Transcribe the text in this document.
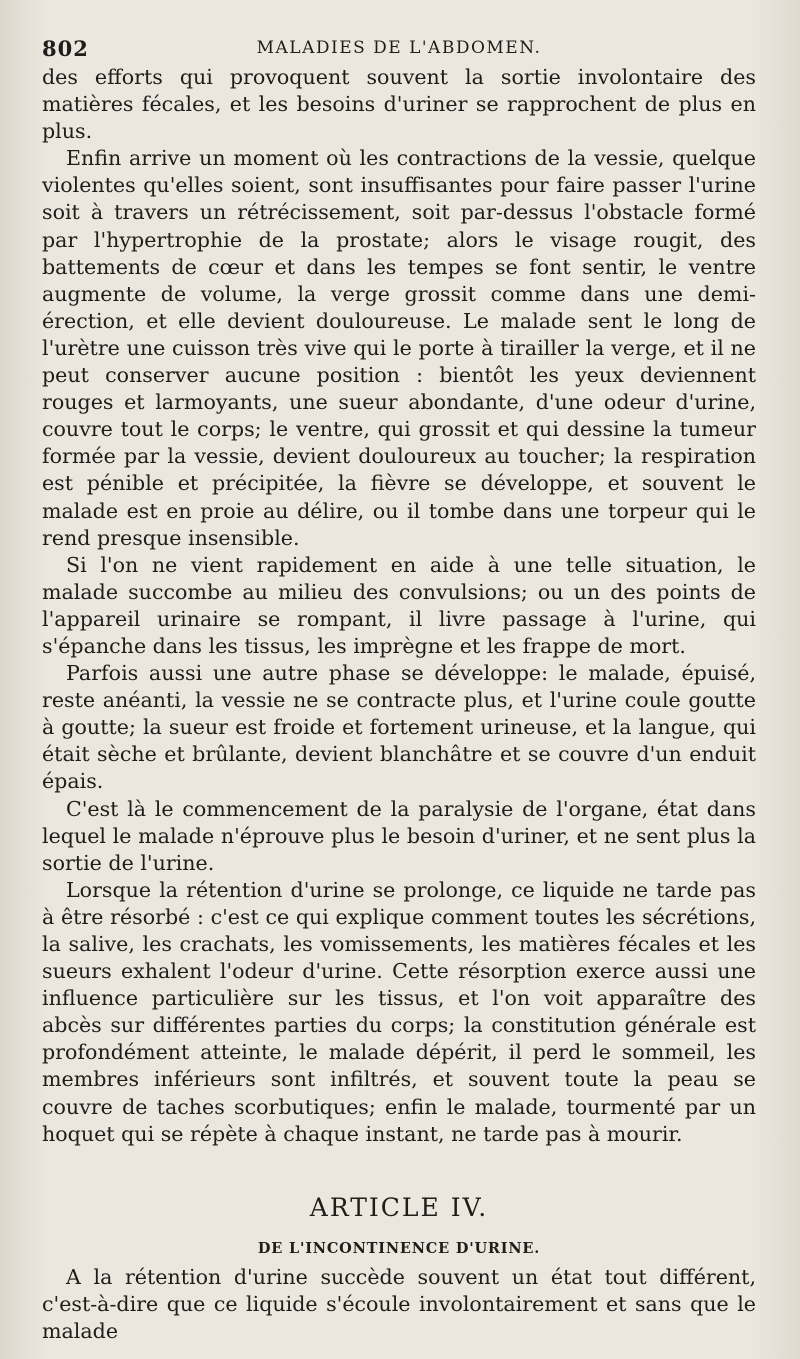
802	MALADIES DE L'ABDOMEN.

des efforts qui provoquent souvent la sortie involontaire des matières fécales, et les besoins d'uriner se rapprochent de plus en plus.

Enfin arrive un moment où les contractions de la vessie, quelque violentes qu'elles soient, sont insuffisantes pour faire passer l'urine soit à travers un rétrécissement, soit par-dessus l'obstacle formé par l'hypertrophie de la prostate; alors le visage rougit, des battements de cœur et dans les tempes se font sentir, le ventre augmente de volume, la verge grossit comme dans une demi-érection, et elle devient douloureuse. Le malade sent le long de l'urètre une cuisson très vive qui le porte à tirailler la verge, et il ne peut conserver aucune position : bientôt les yeux deviennent rouges et larmoyants, une sueur abondante, d'une odeur d'urine, couvre tout le corps; le ventre, qui grossit et qui dessine la tumeur formée par la vessie, devient douloureux au toucher; la respiration est pénible et précipitée, la fièvre se développe, et souvent le malade est en proie au délire, ou il tombe dans une torpeur qui le rend presque insensible.

Si l'on ne vient rapidement en aide à une telle situation, le malade succombe au milieu des convulsions; ou un des points de l'appareil urinaire se rompant, il livre passage à l'urine, qui s'épanche dans les tissus, les imprègne et les frappe de mort.

Parfois aussi une autre phase se développe: le malade, épuisé, reste anéanti, la vessie ne se contracte plus, et l'urine coule goutte à goutte; la sueur est froide et fortement urineuse, et la langue, qui était sèche et brûlante, devient blanchâtre et se couvre d'un enduit épais.

C'est là le commencement de la paralysie de l'organe, état dans lequel le malade n'éprouve plus le besoin d'uriner, et ne sent plus la sortie de l'urine.

Lorsque la rétention d'urine se prolonge, ce liquide ne tarde pas à être résorbé : c'est ce qui explique comment toutes les sécrétions, la salive, les crachats, les vomissements, les matières fécales et les sueurs exhalent l'odeur d'urine. Cette résorption exerce aussi une influence particulière sur les tissus, et l'on voit apparaître des abcès sur différentes parties du corps; la constitution générale est profondément atteinte, le malade dépérit, il perd le sommeil, les membres inférieurs sont infiltrés, et souvent toute la peau se couvre de taches scorbutiques; enfin le malade, tourmenté par un hoquet qui se répète à chaque instant, ne tarde pas à mourir.

ARTICLE IV.
DE L'INCONTINENCE D'URINE.

A la rétention d'urine succède souvent un état tout différent, c'est-à-dire que ce liquide s'écoule involontairement et sans que le malade
